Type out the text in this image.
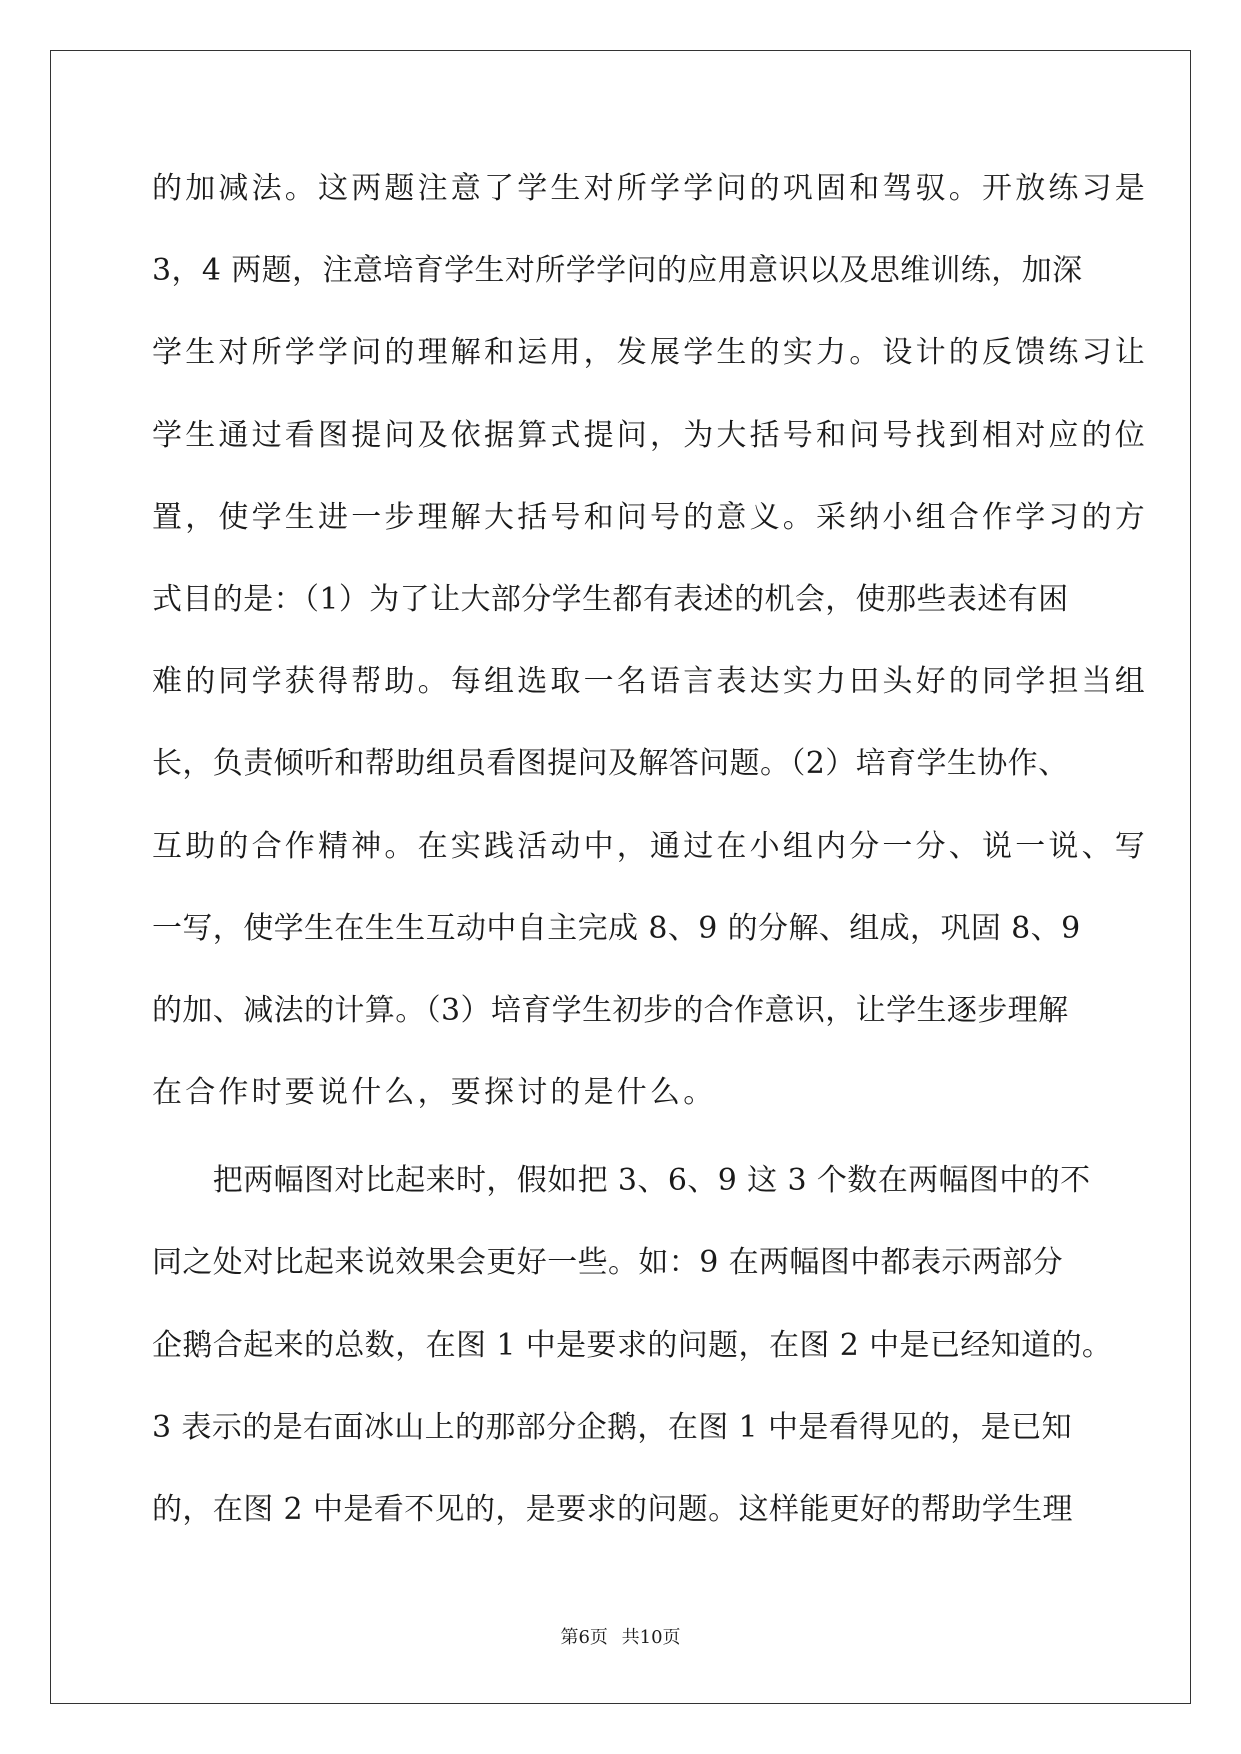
的加减法。这两题注意了学生对所学学问的巩固和驾驭。开放练习是
3，4 两题，注意培育学生对所学学问的应用意识以及思维训练，加深
学生对所学学问的理解和运用，发展学生的实力。设计的反馈练习让
学生通过看图提问及依据算式提问，为大括号和问号找到相对应的位
置，使学生进一步理解大括号和问号的意义。采纳小组合作学习的方
式目的是：（1）为了让大部分学生都有表述的机会，使那些表述有困
难的同学获得帮助。每组选取一名语言表达实力田头好的同学担当组
长，负责倾听和帮助组员看图提问及解答问题。（2）培育学生协作、
互助的合作精神。在实践活动中，通过在小组内分一分、说一说、写
一写，使学生在生生互动中自主完成 8、9 的分解、组成，巩固 8、9
的加、减法的计算。（3）培育学生初步的合作意识，让学生逐步理解
在合作时要说什么，要探讨的是什么。
　　把两幅图对比起来时，假如把 3、6、9 这 3 个数在两幅图中的不
同之处对比起来说效果会更好一些。如：9 在两幅图中都表示两部分
企鹅合起来的总数，在图 1 中是要求的问题，在图 2 中是已经知道的。
3 表示的是右面冰山上的那部分企鹅，在图 1 中是看得见的，是已知
的，在图 2 中是看不见的，是要求的问题。这样能更好的帮助学生理
第6页 共10页
